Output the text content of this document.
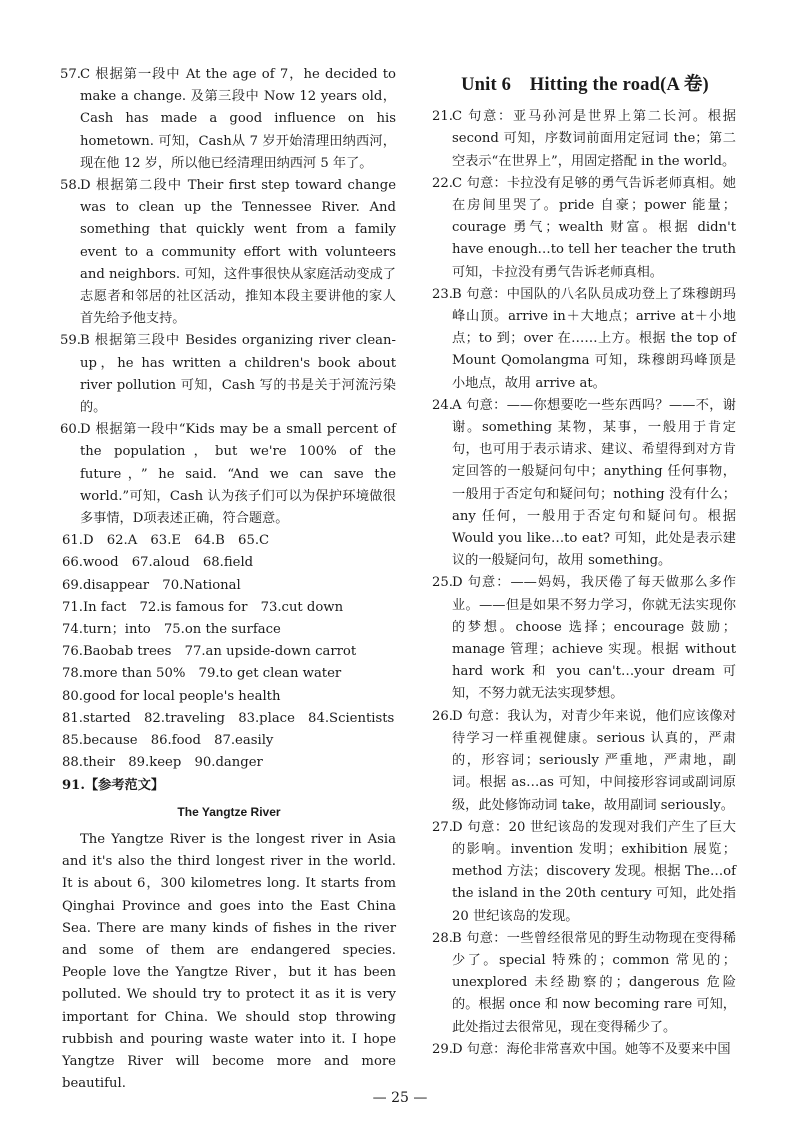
57. C 根据第一段中 At the age of 7，he decided to make a change. 及第三段中 Now 12 years old，Cash has made a good influence on his hometown. 可知，Cash从 7 岁开始清理田纳西河，现在他 12 岁，所以他已经清理田纳西河 5 年了。
58. D 根据第二段中 Their first step toward change was to clean up the Tennessee River. And something that quickly went from a family event to a community effort with volunteers and neighbors. 可知，这件事很快从家庭活动变成了志愿者和邻居的社区活动，推知本段主要讲他的家人首先给予他支持。
59. B 根据第三段中 Besides organizing river clean-up，he has written a children's book about river pollution 可知，Cash 写的书是关于河流污染的。
60. D 根据第一段中“Kids may be a small percent of the population，but we're 100% of the future，” he said. “And we can save the world.”可知，Cash 认为孩子们可以为保护环境做很多事情，D项表述正确，符合题意。

61.D　62.A　63.E　64.B　65.C

66.wood　67.aloud　68.field

69.disappear　70.National

71.In fact　72.is famous for　73.cut down

74.turn；into　75.on the surface

76.Baobab trees　77.an upside-down carrot

78.more than 50%　79.to get clean water

80.good for local people's health

81.started　82.traveling　83.place　84.Scientists

85.because　86.food　87.easily

88.their　89.keep　90.danger

91.【参考范文】

The Yangtze River

The Yangtze River is the longest river in Asia and it's also the third longest river in the world. It is about 6，300 kilometres long. It starts from Qinghai Province and goes into the East China Sea. There are many kinds of fishes in the river and some of them are endangered species. People love the Yangtze River，but it has been polluted. We should try to protect it as it is very important for China. We should stop throwing rubbish and pouring waste water into it. I hope Yangtze River will become more and more beautiful.

Unit 6　Hitting the road(A 卷)
21. C 句意：亚马孙河是世界上第二长河。根据 second 可知，序数词前面用定冠词 the；第二空表示“在世界上”，用固定搭配 in the world。
22. C 句意：卡拉没有足够的勇气告诉老师真相。她在房间里哭了。pride 自豪；power 能量；courage 勇气；wealth 财富。根据 didn't have enough…to tell her teacher the truth 可知，卡拉没有勇气告诉老师真相。
23. B 句意：中国队的八名队员成功登上了珠穆朗玛峰山顶。arrive in＋大地点；arrive at＋小地点；to 到；over 在……上方。根据 the top of Mount Qomolangma 可知，珠穆朗玛峰顶是小地点，故用 arrive at。
24. A 句意：——你想要吃一些东西吗？——不，谢谢。something 某物，某事，一般用于肯定句，也可用于表示请求、建议、希望得到对方肯定回答的一般疑问句中；anything 任何事物，一般用于否定句和疑问句；nothing 没有什么；any 任何，一般用于否定句和疑问句。根据 Would you like…to eat? 可知，此处是表示建议的一般疑问句，故用 something。
25. D 句意：——妈妈，我厌倦了每天做那么多作业。——但是如果不努力学习，你就无法实现你的梦想。choose 选择；encourage 鼓励；manage 管理；achieve 实现。根据 without hard work 和 you can't…your dream 可知，不努力就无法实现梦想。
26. D 句意：我认为，对青少年来说，他们应该像对待学习一样重视健康。serious 认真的，严肃的，形容词；seriously 严重地，严肃地，副词。根据 as…as 可知，中间接形容词或副词原级，此处修饰动词 take，故用副词 seriously。
27. D 句意：20 世纪该岛的发现对我们产生了巨大的影响。invention 发明；exhibition 展览；method 方法；discovery 发现。根据 The…of the island in the 20th century 可知，此处指 20 世纪该岛的发现。
28. B 句意：一些曾经很常见的野生动物现在变得稀少了。special 特殊的；common 常见的；unexplored 未经勘察的；dangerous 危险的。根据 once 和 now becoming rare 可知，此处指过去很常见，现在变得稀少了。
29. D 句意：海伦非常喜欢中国。她等不及要来中国
— 25 —
